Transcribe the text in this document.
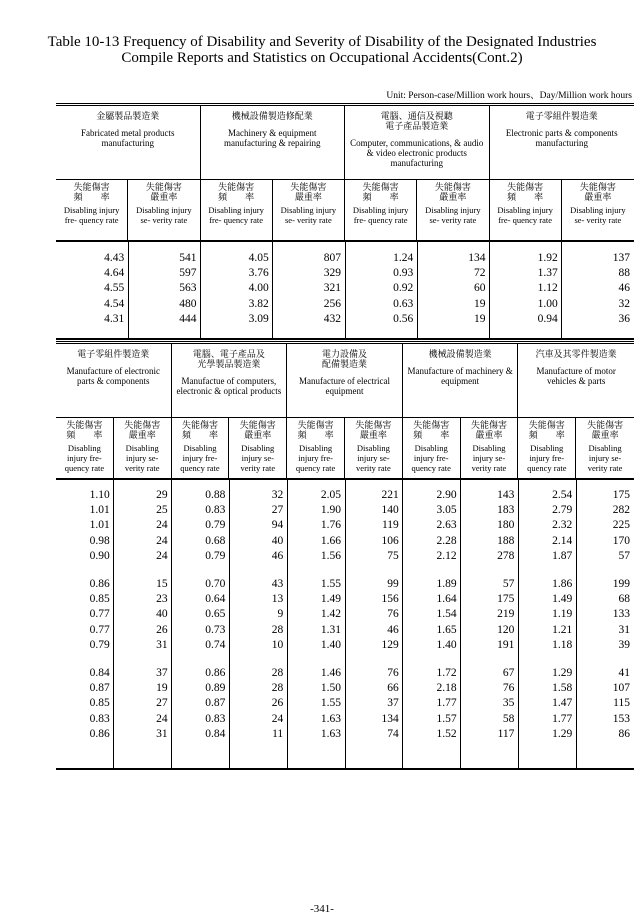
Table 10-13 Frequency of Disability and Severity of Disability of the Designated Industries
Compile Reports and Statistics on Occupational Accidents(Cont.2)
Unit: Person-case/Million work hours、Day/Million work hours
金屬製品製造業
Fabricated metal products manufacturing
機械設備製造修配業
Machinery & equipment manufacturing & repairing
電腦、通信及視聽
電子產品製造業
Computer, communications, & audio & video electronic products manufacturing
電子零組件製造業
Electronic parts & components manufacturing
失能傷害
頻　　率
Disabling injury fre- quency rate
失能傷害
嚴重率
Disabling injury se- verity rate
失能傷害
頻　　率
Disabling injury fre- quency rate
失能傷害
嚴重率
Disabling injury se- verity rate
失能傷害
頻　　率
Disabling injury fre- quency rate
失能傷害
嚴重率
Disabling injury se- verity rate
失能傷害
頻　　率
Disabling injury fre- quency rate
失能傷害
嚴重率
Disabling injury se- verity rate
4.43	541	4.05	807	1.24	134	1.92	137
4.64	597	3.76	329	0.93	72	1.37	88
4.55	563	4.00	321	0.92	60	1.12	46
4.54	480	3.82	256	0.63	19	1.00	32
4.31	444	3.09	432	0.56	19	0.94	36
電子零組件製造業
Manufacture of electronic parts & components
電腦、電子產品及
光學製品製造業
Manufactue of computers, electronic & optical products
電力設備及
配備製造業
Manufacture of electrical equipment
機械設備製造業
Manufacture of machinery & equipment
汽車及其零件製造業
Manufacture of motor vehicles & parts
失能傷害
頻　　率
Disabling injury fre- quency rate
失能傷害
嚴重率
Disabling injury se- verity rate
失能傷害
頻　　率
Disabling injury fre- quency rate
失能傷害
嚴重率
Disabling injury se- verity rate
失能傷害
頻　　率
Disabling injury fre- quency rate
失能傷害
嚴重率
Disabling injury se- verity rate
失能傷害
頻　　率
Disabling injury fre- quency rate
失能傷害
嚴重率
Disabling injury se- verity rate
失能傷害
頻　　率
Disabling injury fre- quency rate
失能傷害
嚴重率
Disabling injury se- verity rate
1.10	29	0.88	32	2.05	221	2.90	143	2.54	175
1.01	25	0.83	27	1.90	140	3.05	183	2.79	282
1.01	24	0.79	94	1.76	119	2.63	180	2.32	225
0.98	24	0.68	40	1.66	106	2.28	188	2.14	170
0.90	24	0.79	46	1.56	75	2.12	278	1.87	57
0.86	15	0.70	43	1.55	99	1.89	57	1.86	199
0.85	23	0.64	13	1.49	156	1.64	175	1.49	68
0.77	40	0.65	9	1.42	76	1.54	219	1.19	133
0.77	26	0.73	28	1.31	46	1.65	120	1.21	31
0.79	31	0.74	10	1.40	129	1.40	191	1.18	39
0.84	37	0.86	28	1.46	76	1.72	67	1.29	41
0.87	19	0.89	28	1.50	66	2.18	76	1.58	107
0.85	27	0.87	26	1.55	37	1.77	35	1.47	115
0.83	24	0.83	24	1.63	134	1.57	58	1.77	153
0.86	31	0.84	11	1.63	74	1.52	117	1.29	86
-341-
